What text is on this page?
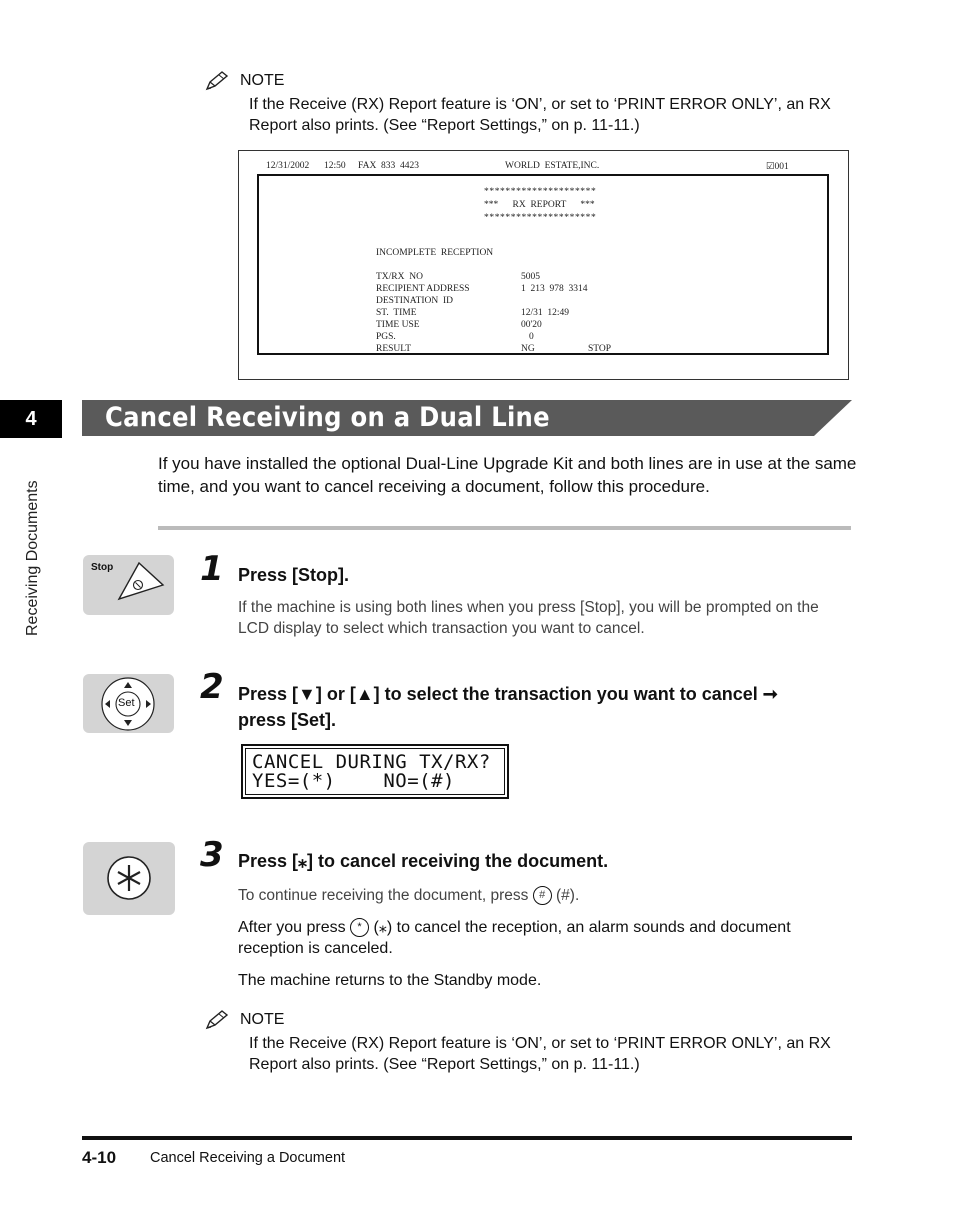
NOTE
If the Receive (RX) Report feature is ‘ON’, or set to ‘PRINT ERROR ONLY’, an RX Report also prints. (See “Report Settings,” on p. 11-11.)
12/31/2002 12:50 FAX  833  4423	WORLD  ESTATE,INC.	☑001
*********************
***      RX  REPORT      ***
*********************
INCOMPLETE  RECEPTION
TX/RX  NO	5005
RECIPIENT ADDRESS	1  213  978  3314
DESTINATION  ID
ST.  TIME	12/31  12:49
TIME USE	00'20
PGS.	0
RESULT	NG	STOP
4
Receiving Documents
Cancel Receiving on a Dual Line
If you have installed the optional Dual-Line Upgrade Kit and both lines are in use at the same time, and you want to cancel receiving a document, follow this procedure.
Stop	1 Press [Stop].
If the machine is using both lines when you press [Stop], you will be prompted on the LCD display to select which transaction you want to cancel.
Set 2 Press [▼] or [▲] to select the transaction you want to cancel ➞
press [Set].
CANCEL DURING TX/RX?
YES=(*)    NO=(#)
3 Press [⁎] to cancel receiving the document.
To continue receiving the document, press # (#).
After you press * (⁎) to cancel the reception, an alarm sounds and document reception is canceled.
The machine returns to the Standby mode.
NOTE
If the Receive (RX) Report feature is ‘ON’, or set to ‘PRINT ERROR ONLY’, an RX Report also prints. (See “Report Settings,” on p. 11-11.)
4-10 Cancel Receiving a Document
